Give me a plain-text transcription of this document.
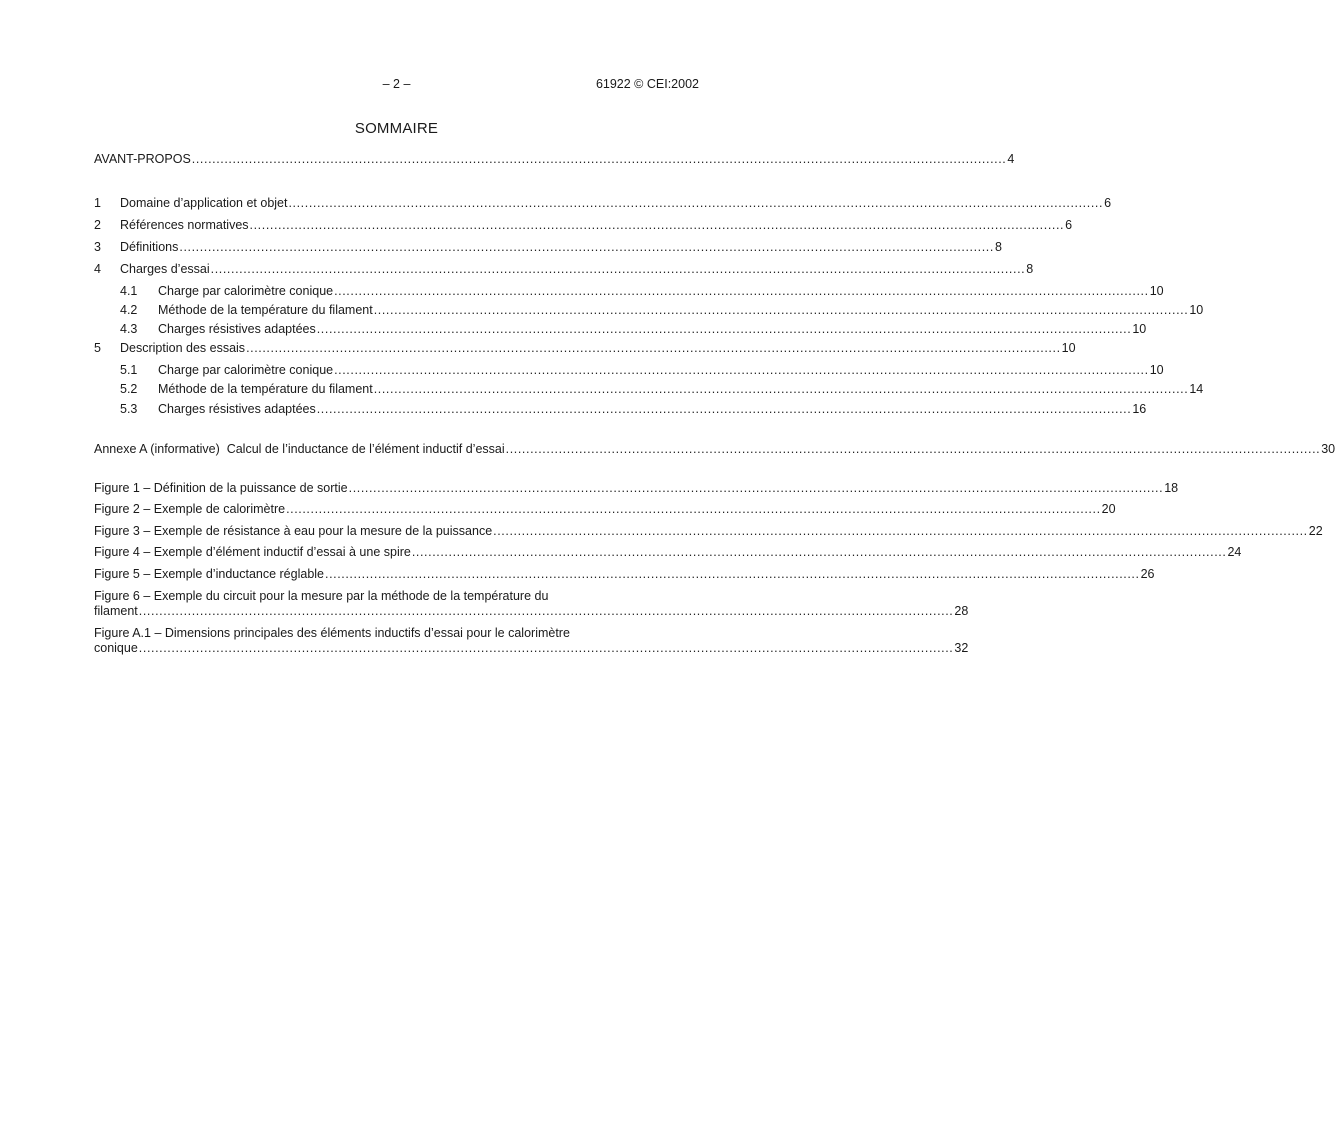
– 2 –	61922 © CEI:2002
SOMMAIRE
AVANT-PROPOS ........................................................................................................................................................................................................ 4
1	Domaine d’application et objet ........................................................................................................................................................................................................ 6
2	Références normatives ........................................................................................................................................................................................................ 6
3	Définitions ........................................................................................................................................................................................................ 8
4	Charges d’essai ........................................................................................................................................................................................................ 8
4.1	Charge par calorimètre conique ........................................................................................................................................................................................................ 10
4.2	Méthode de la température du filament ........................................................................................................................................................................................................ 10
4.3	Charges résistives adaptées ........................................................................................................................................................................................................ 10
5	Description des essais ........................................................................................................................................................................................................ 10
5.1	Charge par calorimètre conique ........................................................................................................................................................................................................ 10
5.2	Méthode de la température du filament ........................................................................................................................................................................................................ 14
5.3	Charges résistives adaptées ........................................................................................................................................................................................................ 16
Annexe A (informative)  Calcul de l’inductance de l’élément inductif d’essai ........................................................................................................................................................................................................ 30
Figure 1 – Définition de la puissance de sortie ........................................................................................................................................................................................................ 18
Figure 2 – Exemple de calorimètre ........................................................................................................................................................................................................ 20
Figure 3 – Exemple de résistance à eau pour la mesure de la puissance ........................................................................................................................................................................................................ 22
Figure 4 – Exemple d’élément inductif d’essai à une spire ........................................................................................................................................................................................................ 24
Figure 5 – Exemple d’inductance réglable ........................................................................................................................................................................................................ 26
Figure 6 – Exemple du circuit pour la mesure par la méthode de la température du
filament ........................................................................................................................................................................................................ 28
Figure A.1 – Dimensions principales des éléments inductifs d’essai pour le calorimètre
conique ........................................................................................................................................................................................................ 32
